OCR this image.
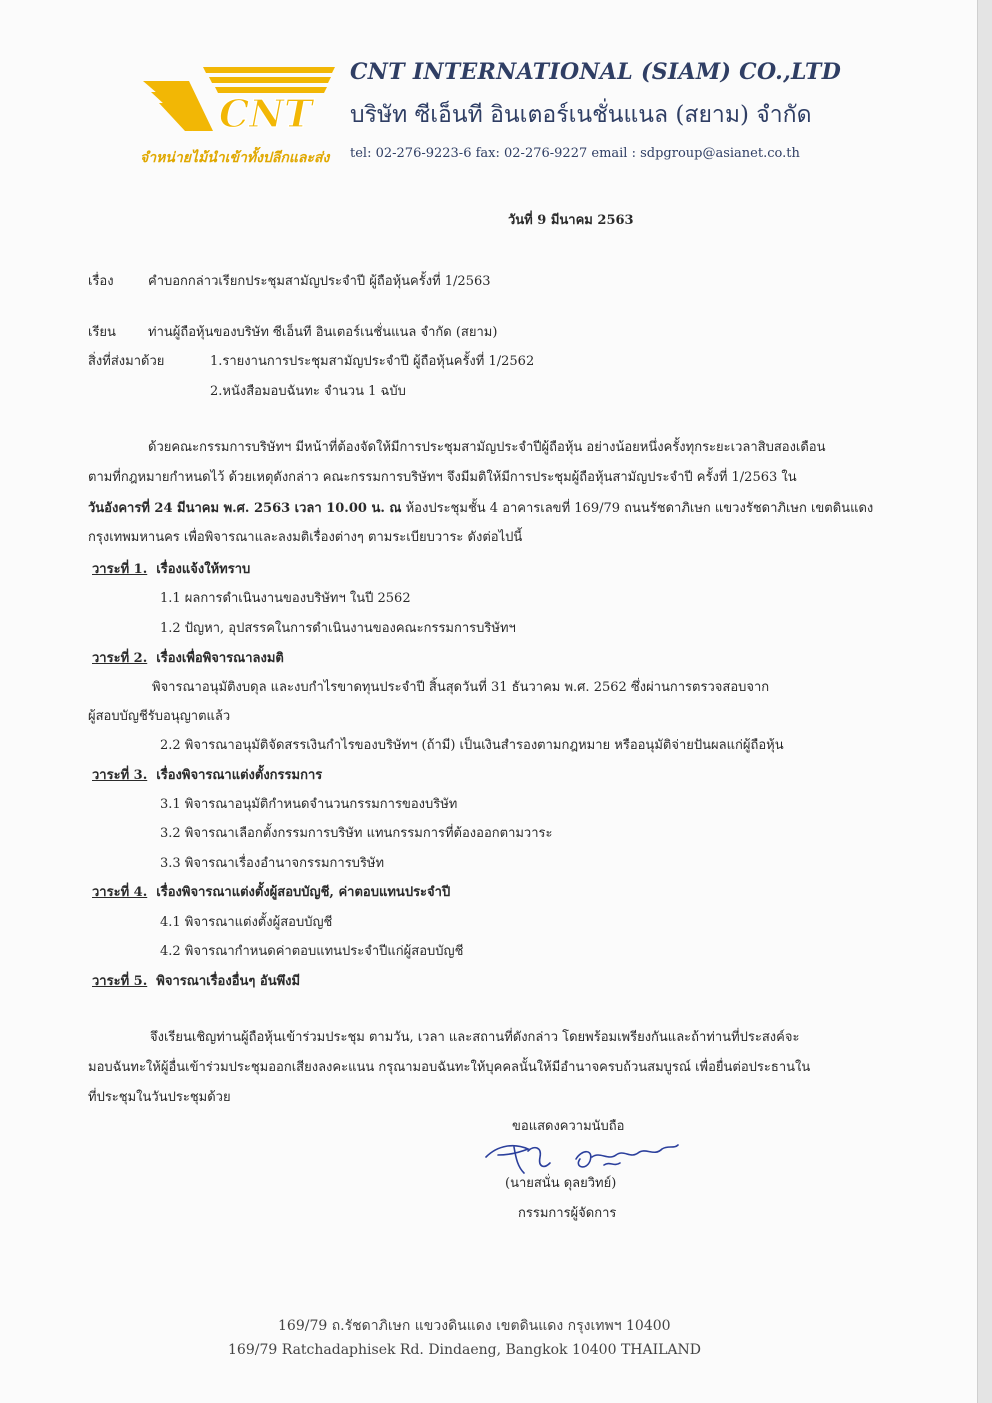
CNT
จำหน่ายไม้นำเข้าทั้งปลีกและส่ง
CNT INTERNATIONAL (SIAM) CO.,LTD
บริษัท ซีเอ็นที อินเตอร์เนชั่นแนล (สยาม) จำกัด
tel: 02-276-9223-6 fax: 02-276-9227 email : sdpgroup@asianet.co.th
วันที่ 9 มีนาคม 2563
เรื่อง	คำบอกกล่าวเรียกประชุมสามัญประจำปี ผู้ถือหุ้นครั้งที่ 1/2563
เรียน ท่านผู้ถือหุ้นของบริษัท ซีเอ็นที อินเตอร์เนชั่นแนล จำกัด (สยาม)
สิ่งที่ส่งมาด้วย	1.รายงานการประชุมสามัญประจำปี ผู้ถือหุ้นครั้งที่ 1/2562
2.หนังสือมอบฉันทะ จำนวน 1 ฉบับ
ด้วยคณะกรรมการบริษัทฯ มีหน้าที่ต้องจัดให้มีการประชุมสามัญประจำปีผู้ถือหุ้น อย่างน้อยหนึ่งครั้งทุกระยะเวลาสิบสองเดือน
ตามที่กฎหมายกำหนดไว้ ด้วยเหตุดังกล่าว คณะกรรมการบริษัทฯ จึงมีมติให้มีการประชุมผู้ถือหุ้นสามัญประจำปี ครั้งที่ 1/2563 ใน
วันอังคารที่ 24 มีนาคม พ.ศ. 2563 เวลา 10.00 น. ณ ห้องประชุมชั้น 4 อาคารเลขที่ 169/79 ถนนรัชดาภิเษก แขวงรัชดาภิเษก เขตดินแดง
กรุงเทพมหานคร เพื่อพิจารณาและลงมติเรื่องต่างๆ ตามระเบียบวาระ ดังต่อไปนี้
วาระที่ 1. เรื่องแจ้งให้ทราบ
1.1 ผลการดำเนินงานของบริษัทฯ ในปี 2562
1.2 ปัญหา, อุปสรรคในการดำเนินงานของคณะกรรมการบริษัทฯ
วาระที่ 2. เรื่องเพื่อพิจารณาลงมติ
พิจารณาอนุมัติงบดุล และงบกำไรขาดทุนประจำปี สิ้นสุดวันที่ 31 ธันวาคม พ.ศ. 2562 ซึ่งผ่านการตรวจสอบจาก
ผู้สอบบัญชีรับอนุญาตแล้ว
2.2 พิจารณาอนุมัติจัดสรรเงินกำไรของบริษัทฯ (ถ้ามี) เป็นเงินสำรองตามกฎหมาย หรืออนุมัติจ่ายปันผลแก่ผู้ถือหุ้น
วาระที่ 3. เรื่องพิจารณาแต่งตั้งกรรมการ
3.1 พิจารณาอนุมัติกำหนดจำนวนกรรมการของบริษัท
3.2 พิจารณาเลือกตั้งกรรมการบริษัท แทนกรรมการที่ต้องออกตามวาระ
3.3 พิจารณาเรื่องอำนาจกรรมการบริษัท
วาระที่ 4. เรื่องพิจารณาแต่งตั้งผู้สอบบัญชี, ค่าตอบแทนประจำปี
4.1 พิจารณาแต่งตั้งผู้สอบบัญชี
4.2 พิจารณากำหนดค่าตอบแทนประจำปีแก่ผู้สอบบัญชี
วาระที่ 5. พิจารณาเรื่องอื่นๆ อันพึงมี
จึงเรียนเชิญท่านผู้ถือหุ้นเข้าร่วมประชุม ตามวัน, เวลา และสถานที่ดังกล่าว โดยพร้อมเพรียงกันและถ้าท่านที่ประสงค์จะ
มอบฉันทะให้ผู้อื่นเข้าร่วมประชุมออกเสียงลงคะแนน กรุณามอบฉันทะให้บุคคลนั้นให้มีอำนาจครบถ้วนสมบูรณ์ เพื่อยื่นต่อประธานใน
ที่ประชุมในวันประชุมด้วย
ขอแสดงความนับถือ
(นายสนั่น ดุลยวิทย์)
กรรมการผู้จัดการ
169/79 ถ.รัชดาภิเษก แขวงดินแดง เขตดินแดง กรุงเทพฯ 10400
169/79 Ratchadaphisek Rd. Dindaeng, Bangkok 10400 THAILAND
